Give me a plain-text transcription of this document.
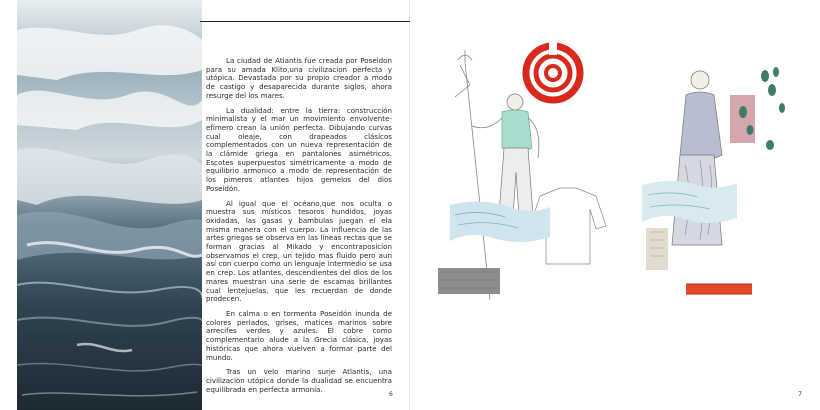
La ciudad de Atlantis fue creada por Poseidon para su amada Klito,una civilizacion perfecta y utópica. Devastada por su propio creador a modo de castigo y desaparecida durante siglos, ahora resurge del los mares.

La dualidad: entre la tierra: construcción minimalista y el mar un movimiento envolvente-efímero crean la unión perfecta. Dibujando curvas cual oleaje, con drapeados clásicos complementados con un nueva representación de la clámide griega en pantalones asimétricos. Escotes superpuestos simétricamente a modo de equilibrio armonico a modo de representación de los pimeros atlantes hijos gemelos del dios Poseidón.

Al igual que el océano,que nos oculta o muestra sus místicos tesoros hundidos, joyas oxidadas, las gasas y bambulas juegan el ela misma manera con el cuerpo. La influencia de las artes griegas se observa en las líneas rectas que se forman gracias al Mikado y encontraposicion observamos el crep, un tejido mas fluido pero aun así con cuerpo como un lenguaje intermedio se usa en crep. Los atlantes, descendientes del dios de los mares muestran una serie de escamas brillantes cual lentejuelas, que les recuerdan de donde prodecen.

En calma o en tormenta Poseidón inunda de colores perlados, grises, matices marinos sobre arrecifes verdes y azules. El cobre como complementario alude a la Grecia clásica, joyas históricas que ahora vuelven a formar parte del mundo.

Tras un velo marino surje Atlantis, una civilizacion utópica donde la dualidad se encuentra equilibrada en perfecta armonía.

6	7
